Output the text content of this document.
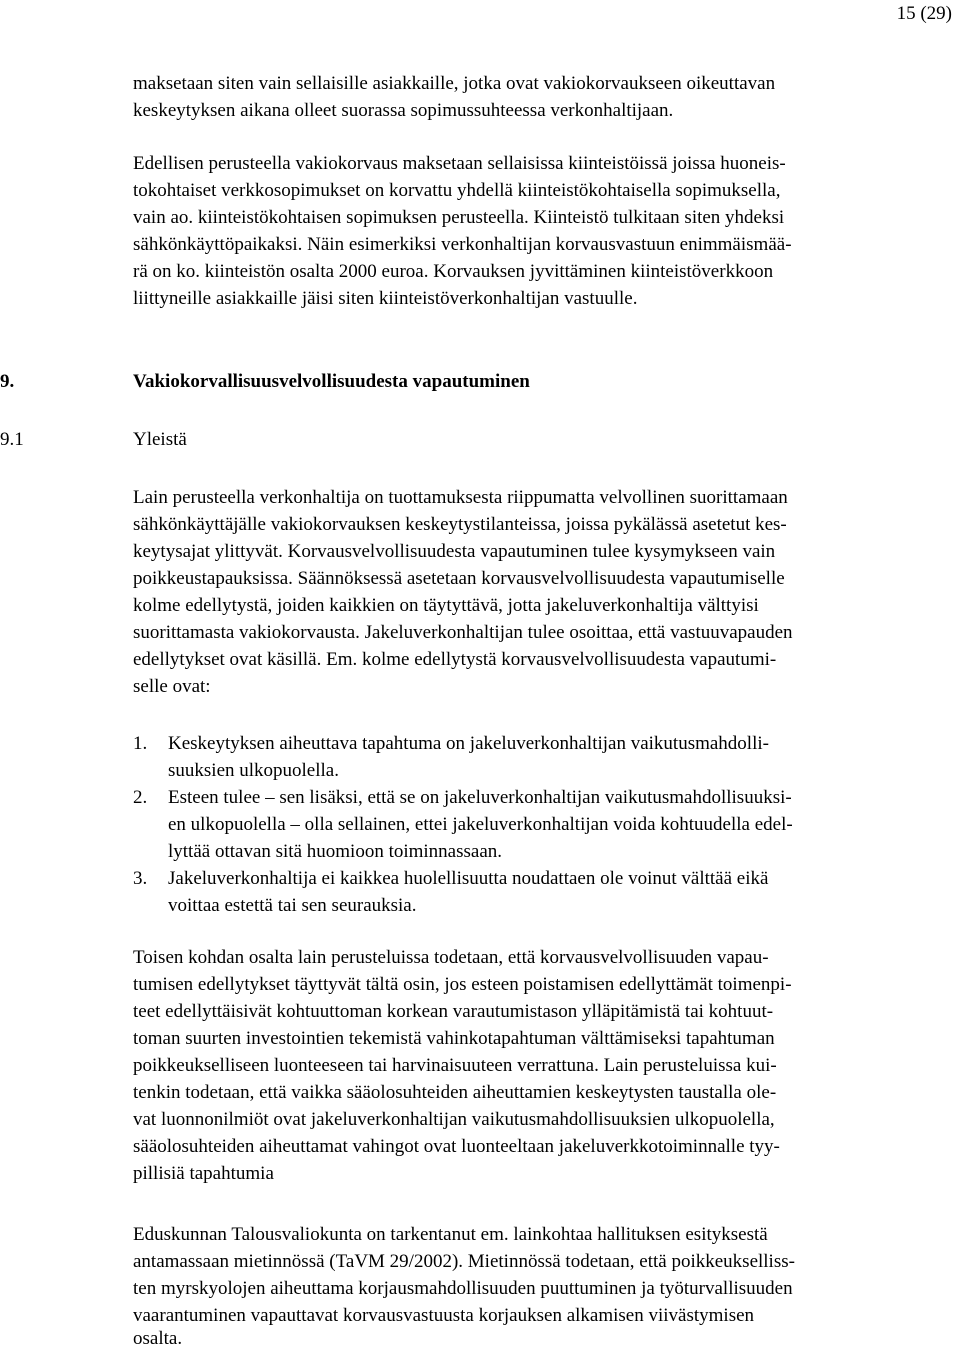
15 (29)
maksetaan siten vain sellaisille asiakkaille, jotka ovat vakiokorvaukseen oikeuttavan
keskeytyksen aikana olleet suorassa sopimussuhteessa verkonhaltijaan.
Edellisen perusteella vakiokorvaus maksetaan sellaisissa kiinteistöissä joissa huoneis-
tokohtaiset verkkosopimukset on korvattu yhdellä kiinteistökohtaisella sopimuksella,
vain ao. kiinteistökohtaisen sopimuksen perusteella. Kiinteistö tulkitaan siten yhdeksi
sähkönkäyttöpaikaksi. Näin esimerkiksi verkonhaltijan korvausvastuun enimmäismää-
rä on ko. kiinteistön osalta 2000 euroa. Korvauksen jyvittäminen kiinteistöverkkoon
liittyneille asiakkaille jäisi siten kiinteistöverkonhaltijan vastuulle.
9.	Vakiokorvallisuusvelvollisuudesta vapautuminen
9.1	Yleistä
Lain perusteella verkonhaltija on tuottamuksesta riippumatta velvollinen suorittamaan
sähkönkäyttäjälle vakiokorvauksen keskeytystilanteissa, joissa pykälässä asetetut kes-
keytysajat ylittyvät. Korvausvelvollisuudesta vapautuminen tulee kysymykseen vain
poikkeustapauksissa. Säännöksessä asetetaan korvausvelvollisuudesta vapautumiselle
kolme edellytystä, joiden kaikkien on täytyttävä, jotta jakeluverkonhaltija välttyisi
suorittamasta vakiokorvausta. Jakeluverkonhaltijan tulee osoittaa, että vastuuvapauden
edellytykset ovat käsillä. Em. kolme edellytystä korvausvelvollisuudesta vapautumi-
selle ovat:
1. Keskeytyksen aiheuttava tapahtuma on jakeluverkonhaltijan vaikutusmahdolli-
suuksien ulkopuolella.
2. Esteen tulee – sen lisäksi, että se on jakeluverkonhaltijan vaikutusmahdollisuuksi-
en ulkopuolella – olla sellainen, ettei jakeluverkonhaltijan voida kohtuudella edel-
lyttää ottavan sitä huomioon toiminnassaan.
3. Jakeluverkonhaltija ei kaikkea huolellisuutta noudattaen ole voinut välttää eikä
voittaa estettä tai sen seurauksia.
Toisen kohdan osalta lain perusteluissa todetaan, että korvausvelvollisuuden vapau-
tumisen edellytykset täyttyvät tältä osin, jos esteen poistamisen edellyttämät toimenpi-
teet edellyttäisivät kohtuuttoman korkean varautumistason ylläpitämistä tai kohtuut-
toman suurten investointien tekemistä vahinkotapahtuman välttämiseksi tapahtuman
poikkeukselliseen luonteeseen tai harvinaisuuteen verrattuna. Lain perusteluissa kui-
tenkin todetaan, että vaikka sääolosuhteiden aiheuttamien keskeytysten taustalla ole-
vat luonnonilmiöt ovat jakeluverkonhaltijan vaikutusmahdollisuuksien ulkopuolella,
sääolosuhteiden aiheuttamat vahingot ovat luonteeltaan jakeluverkkotoiminnalle tyy-
pillisiä tapahtumia
Eduskunnan Talousvaliokunta on tarkentanut em. lainkohtaa hallituksen esityksestä
antamassaan mietinnössä (TaVM 29/2002). Mietinnössä todetaan, että poikkeukselliss-
ten myrskyolojen aiheuttama korjausmahdollisuuden puuttuminen ja työturvallisuuden
vaarantuminen vapauttavat korvausvastuusta korjauksen alkamisen viivästymisen
osalta.
